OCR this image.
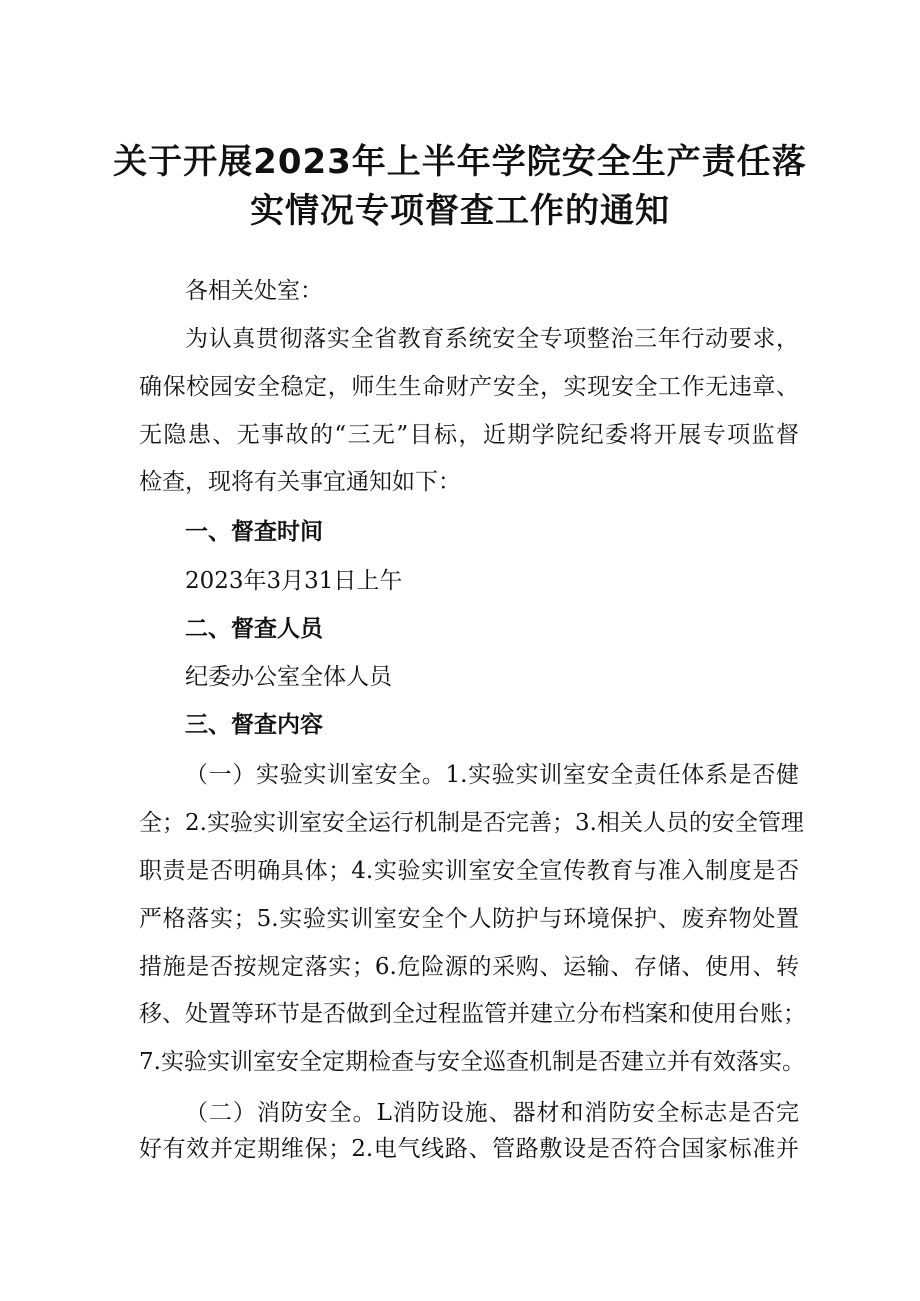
关于开展2023年上半年学院安全生产责任落
实情况专项督查工作的通知
各相关处室：
为认真贯彻落实全省教育系统安全专项整治三年行动要求，
确保校园安全稳定，师生生命财产安全，实现安全工作无违章、
无隐患、无事故的“三无”目标，近期学院纪委将开展专项监督
检查，现将有关事宜通知如下：
一、督查时间
2023年3月31日上午
二、督查人员
纪委办公室全体人员
三、督查内容
（一）实验实训室安全。1.实验实训室安全责任体系是否健
全；2.实验实训室安全运行机制是否完善；3.相关人员的安全管理
职责是否明确具体；4.实验实训室安全宣传教育与准入制度是否
严格落实；5.实验实训室安全个人防护与环境保护、废弃物处置
措施是否按规定落实；6.危险源的采购、运输、存储、使用、转
移、处置等环节是否做到全过程监管并建立分布档案和使用台账；
7.实验实训室安全定期检查与安全巡查机制是否建立并有效落实。
（二）消防安全。L消防设施、器材和消防安全标志是否完
好有效并定期维保；2.电气线路、管路敷设是否符合国家标准并
